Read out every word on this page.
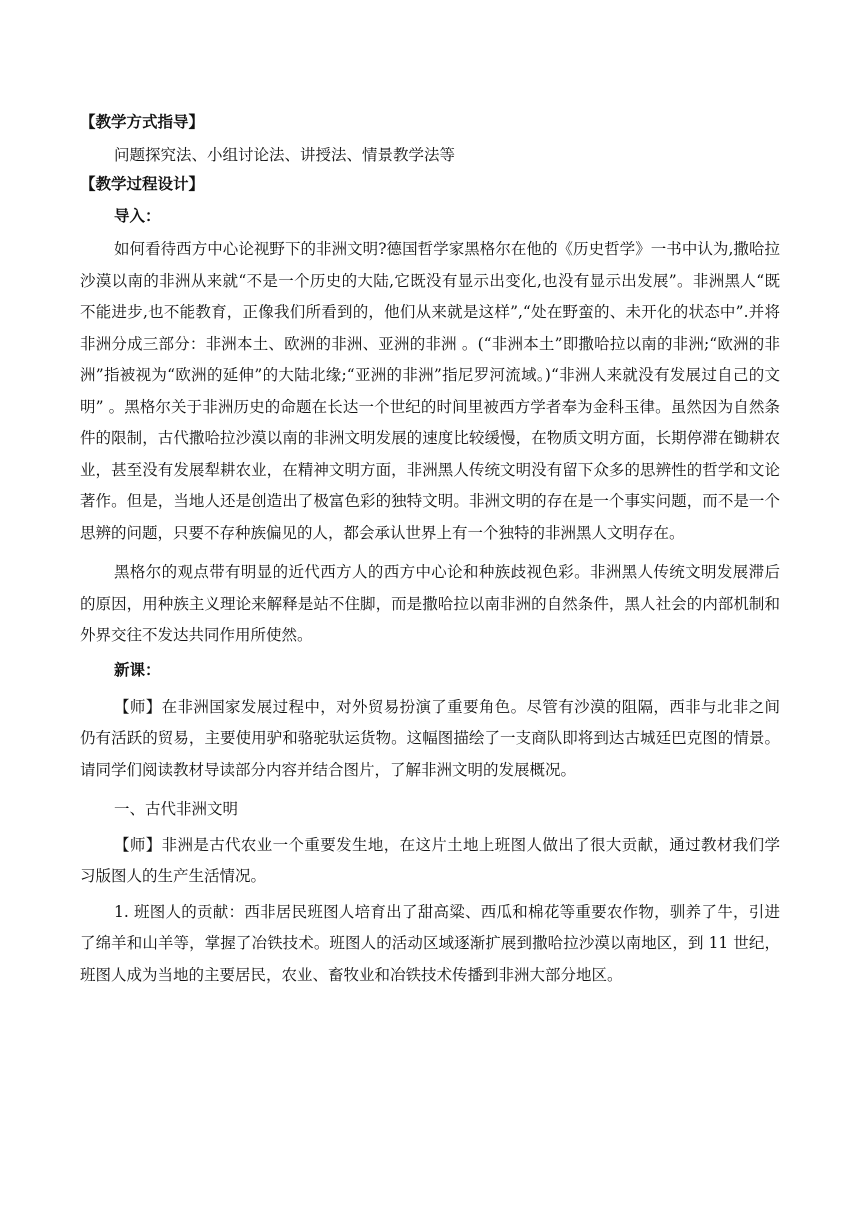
【教学方式指导】

问题探究法、小组讨论法、讲授法、情景教学法等

【教学过程设计】
导入：

如何看待西方中心论视野下的非洲文明?德国哲学家黑格尔在他的《历史哲学》一书中认为,撒哈拉沙漠以南的非洲从来就“不是一个历史的大陆,它既没有显示出变化,也没有显示出发展”。非洲黑人“既不能进步,也不能教育，正像我们所看到的，他们从来就是这样”,“处在野蛮的、未开化的状态中”.并将非洲分成三部分：非洲本土、欧洲的非洲、亚洲的非洲 。(“非洲本土”即撒哈拉以南的非洲;“欧洲的非洲”指被视为“欧洲的延伸”的大陆北缘;“亚洲的非洲”指尼罗河流域。)“非洲人来就没有发展过自己的文明” 。黑格尔关于非洲历史的命题在长达一个世纪的时间里被西方学者奉为金科玉律。虽然因为自然条件的限制，古代撒哈拉沙漠以南的非洲文明发展的速度比较缓慢，在物质文明方面，长期停滞在锄耕农业，甚至没有发展犁耕农业，在精神文明方面，非洲黑人传统文明没有留下众多的思辨性的哲学和文论著作。但是，当地人还是创造出了极富色彩的独特文明。非洲文明的存在是一个事实问题，而不是一个思辨的问题，只要不存种族偏见的人，都会承认世界上有一个独特的非洲黑人文明存在。

黑格尔的观点带有明显的近代西方人的西方中心论和种族歧视色彩。非洲黑人传统文明发展滞后的原因，用种族主义理论来解释是站不住脚，而是撒哈拉以南非洲的自然条件，黑人社会的内部机制和外界交往不发达共同作用所使然。

新课：

【师】在非洲国家发展过程中，对外贸易扮演了重要角色。尽管有沙漠的阻隔，西非与北非之间仍有活跃的贸易，主要使用驴和骆驼驮运货物。这幅图描绘了一支商队即将到达古城廷巴克图的情景。请同学们阅读教材导读部分内容并结合图片，了解非洲文明的发展概况。

一、古代非洲文明

【师】非洲是古代农业一个重要发生地，在这片土地上班图人做出了很大贡献，通过教材我们学习版图人的生产生活情况。

1. 班图人的贡献：西非居民班图人培育出了甜高粱、西瓜和棉花等重要农作物，驯养了牛，引进了绵羊和山羊等，掌握了冶铁技术。班图人的活动区域逐渐扩展到撒哈拉沙漠以南地区，到 11 世纪，班图人成为当地的主要居民，农业、畜牧业和冶铁技术传播到非洲大部分地区。
